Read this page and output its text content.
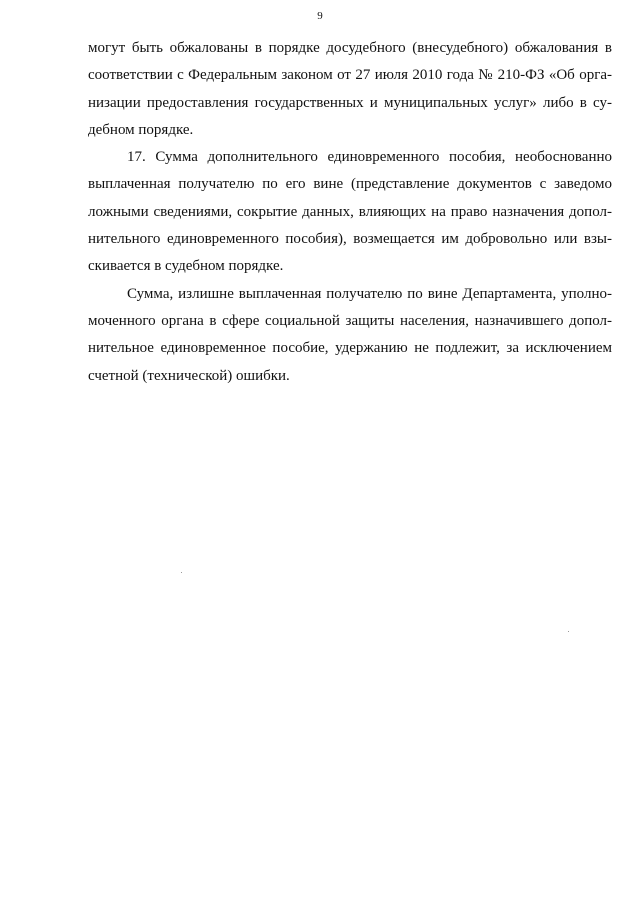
9
могут быть обжалованы в порядке досудебного (внесудебного) обжалования в
соответствии с Федеральным законом от 27 июля 2010 года № 210-ФЗ «Об орга-
низации предоставления государственных и муниципальных услуг» либо в су-
дебном порядке.
17. Сумма дополнительного единовременного пособия, необоснованно
выплаченная получателю по его вине (представление документов с заведомо
ложными сведениями, сокрытие данных, влияющих на право назначения допол-
нительного единовременного пособия), возмещается им добровольно или взы-
скивается в судебном порядке.
Сумма, излишне выплаченная получателю по вине Департамента, уполно-
моченного органа в сфере социальной защиты населения, назначившего допол-
нительное единовременное пособие, удержанию не подлежит, за исключением
счетной (технической) ошибки.
